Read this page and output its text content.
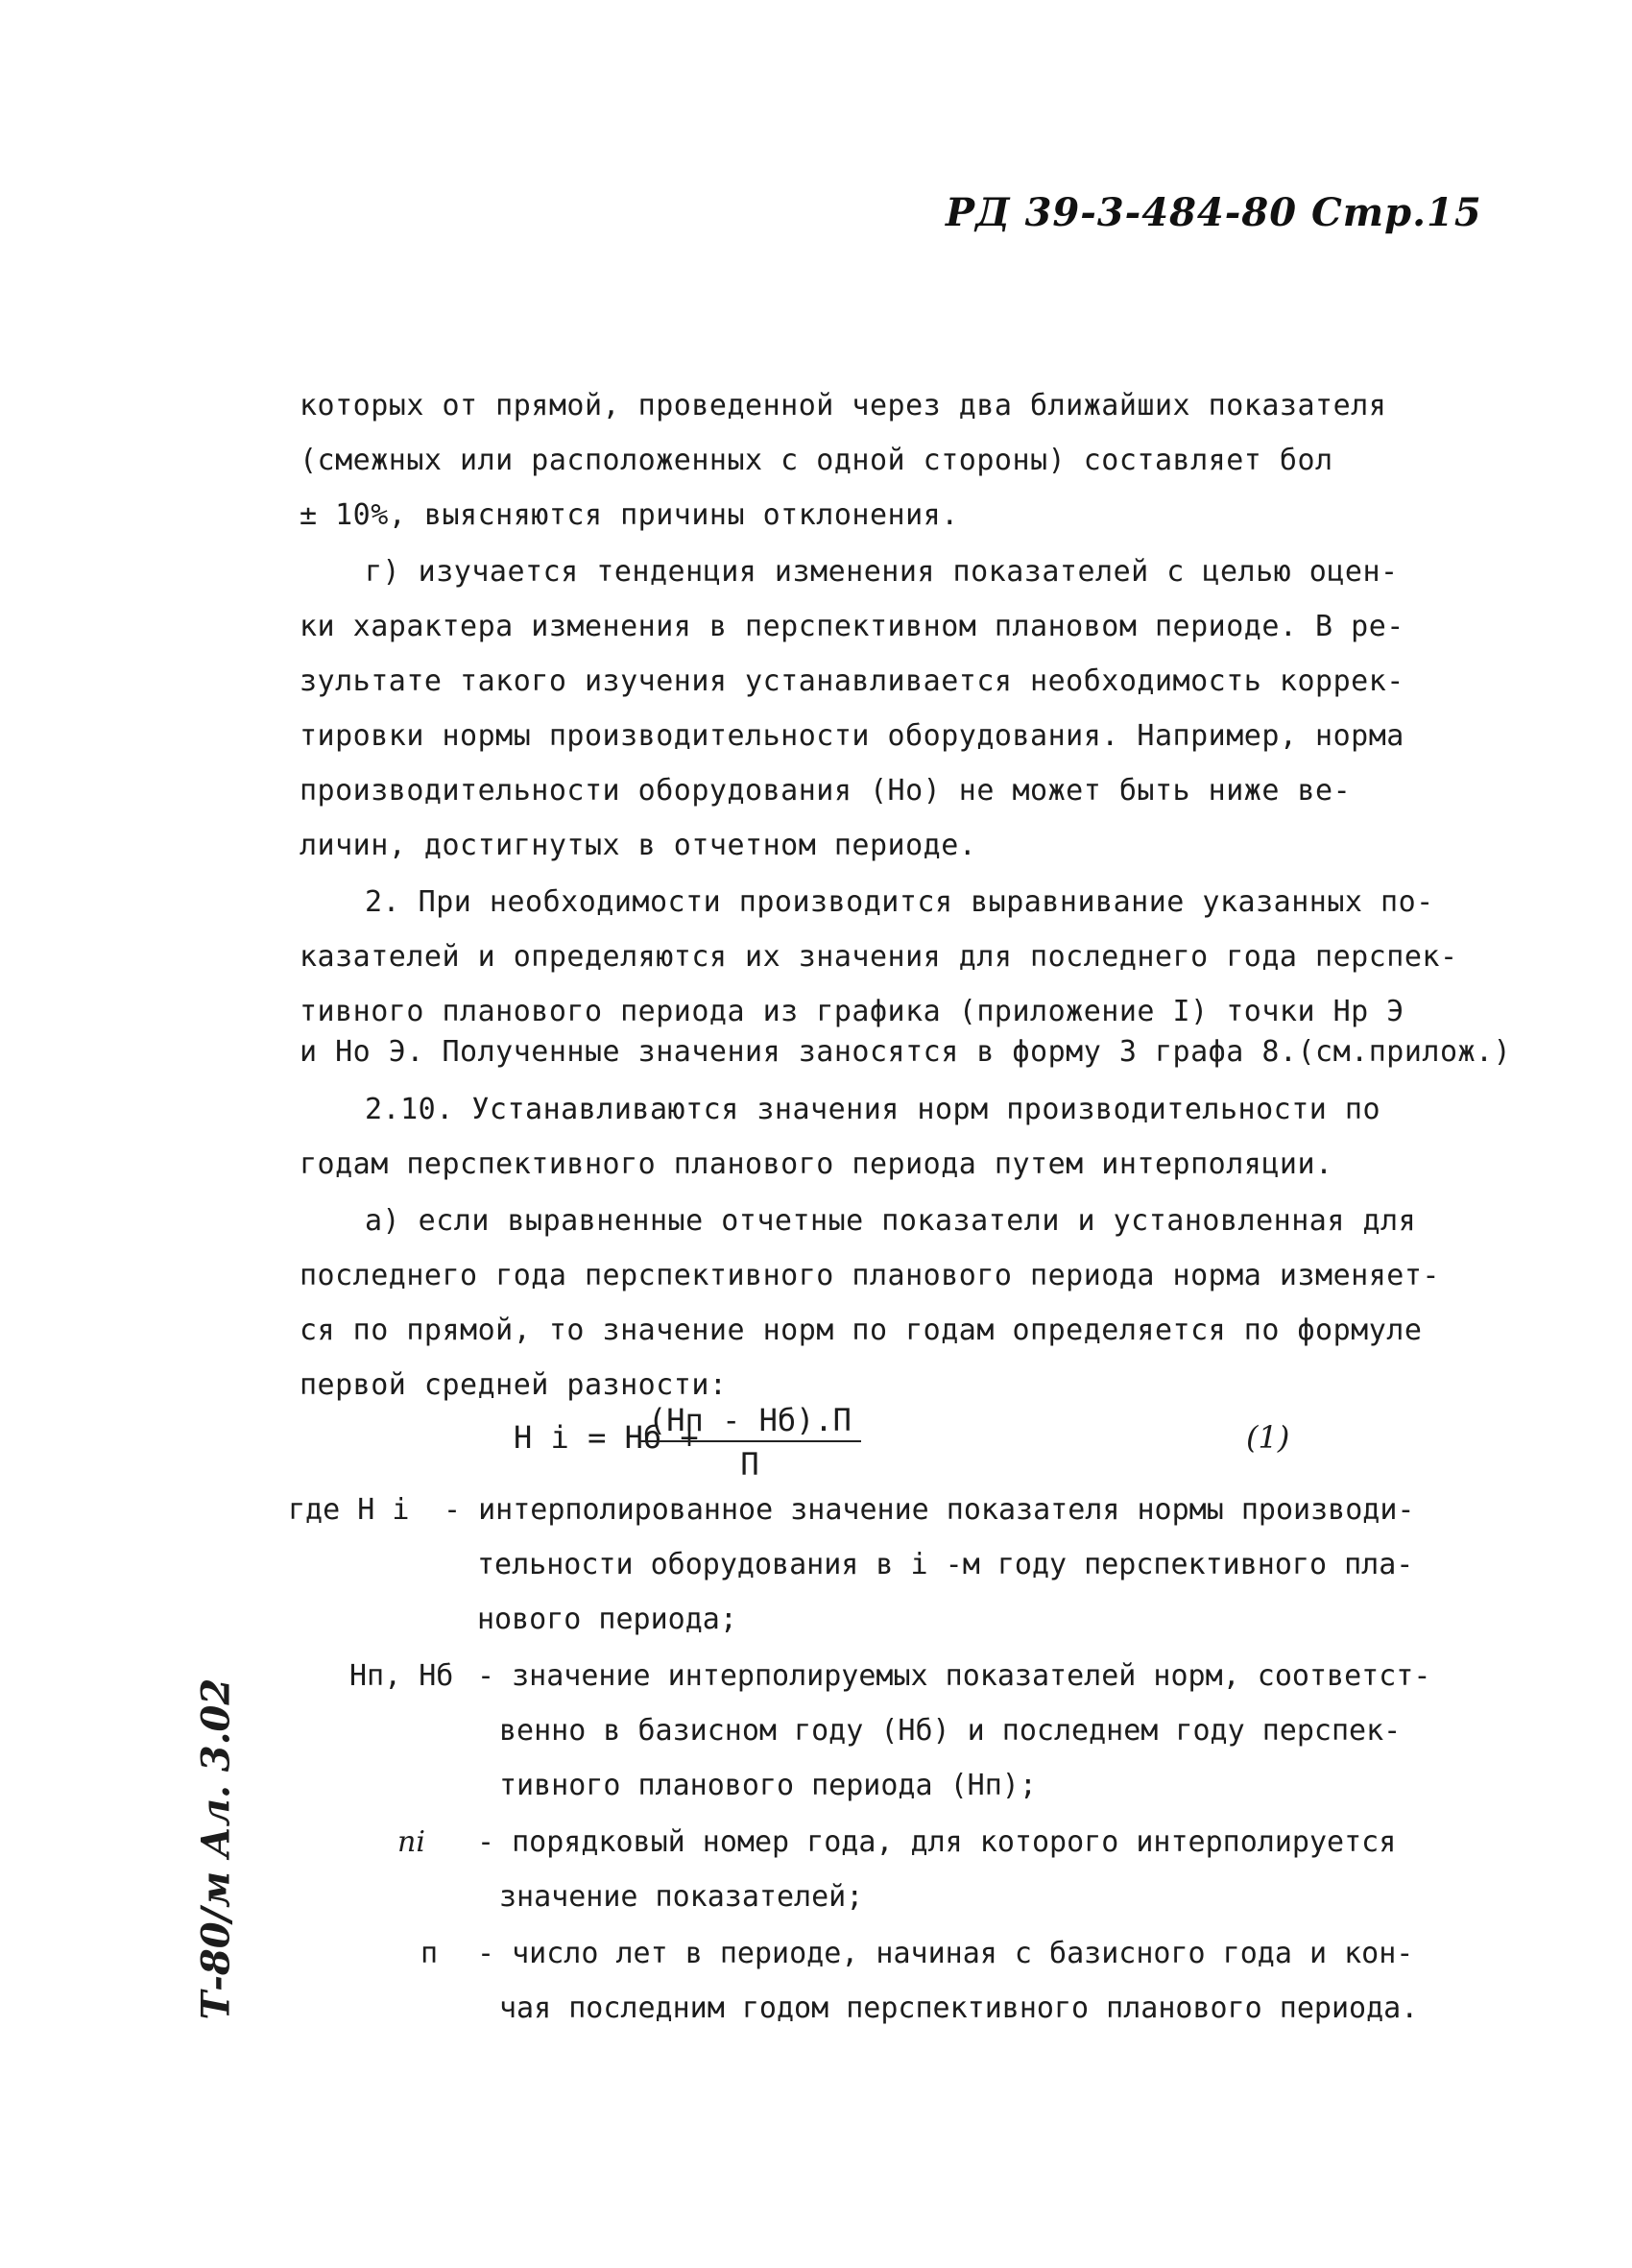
РД 39-3-484-80 Стр.15
которых от прямой, проведенной через два ближайших показателя
(смежных или расположенных с одной стороны) составляет бол
± 10%, выясняются причины отклонения.
г) изучается тенденция изменения показателей с целью оцен-
ки характера изменения в перспективном плановом периоде. В ре-
зультате такого изучения устанавливается необходимость коррек-
тировки нормы производительности оборудования. Например, норма
производительности оборудования (Но) не может быть ниже ве-
личин, достигнутых в отчетном периоде.
2. При необходимости производится выравнивание указанных по-
казателей и определяются их значения для последнего года перспек-
тивного планового периода из графика (приложение I) точки Нр Э
и Но Э. Полученные значения заносятся в форму 3 графа 8.(см.прилож.)
2.10. Устанавливаются значения норм производительности по
годам перспективного планового периода путем интерполяции.
а) если выравненные отчетные показатели и установленная для
последнего года перспективного планового периода норма изменяет-
ся по прямой, то значение норм по годам определяется по формуле
первой средней разности:
Н i = Нб +
(Нп - Нб).П
П
(1)
где Н i - интерполированное значение показателя нормы производи-
тельности оборудования в i -м году перспективного пла-
нового периода;
Нп, Нб - значение интерполируемых показателей норм, соответст-
венно в базисном году (Нб) и последнем году перспек-
тивного планового периода (Нп);
ni - порядковый номер года, для которого интерполируется
значение показателей;
п - число лет в периоде, начиная с базисного года и кон-
чая последним годом перспективного планового периода.
Т-80/м Ал. 3.02
